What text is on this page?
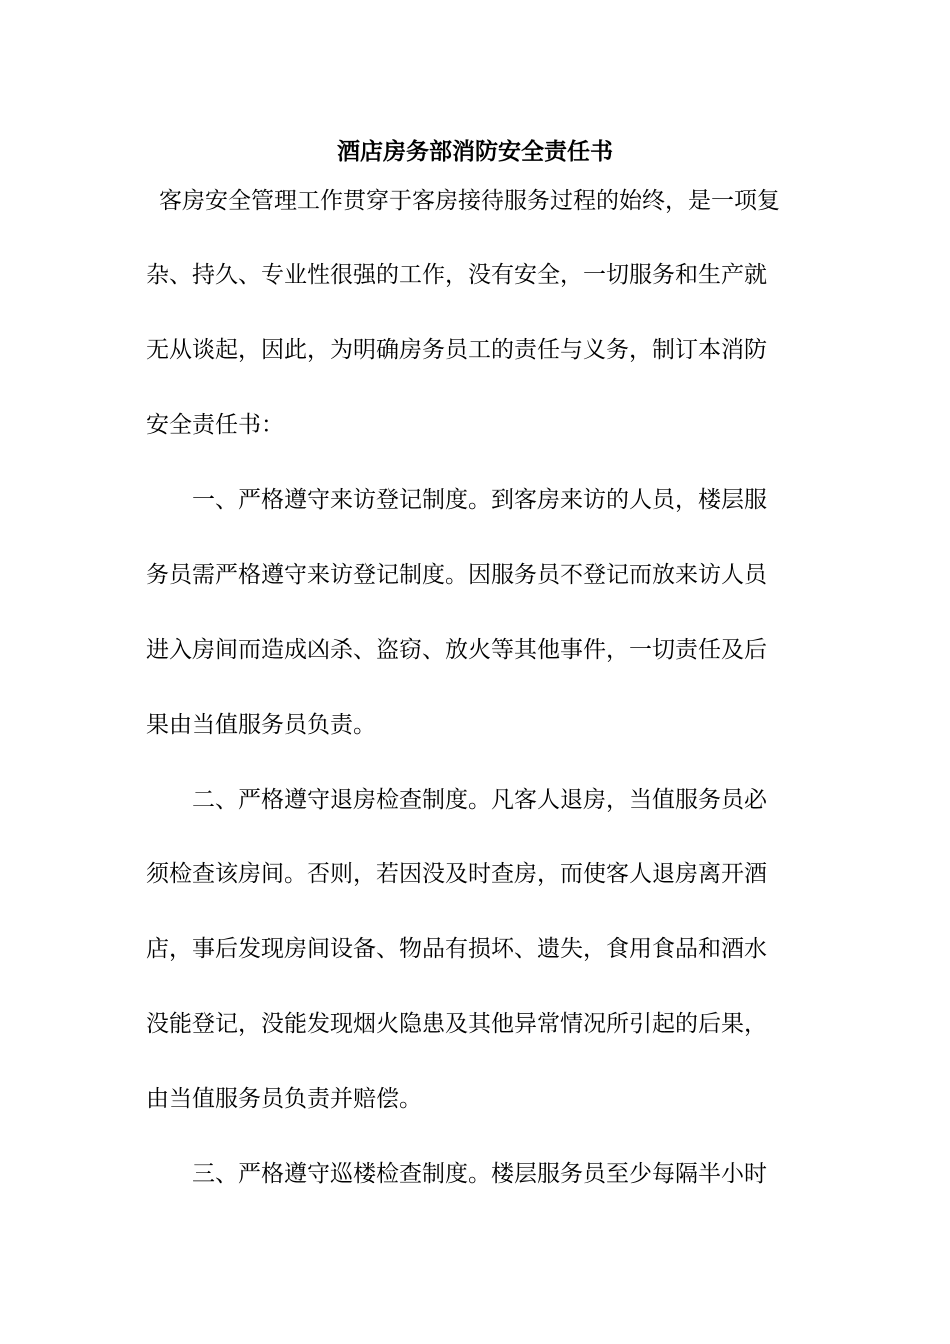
酒店房务部消防安全责任书
客房安全管理工作贯穿于客房接待服务过程的始终，是一项复
杂、持久、专业性很强的工作，没有安全，一切服务和生产就
无从谈起，因此，为明确房务员工的责任与义务，制订本消防
安全责任书：
一、严格遵守来访登记制度。到客房来访的人员，楼层服
务员需严格遵守来访登记制度。因服务员不登记而放来访人员
进入房间而造成凶杀、盗窃、放火等其他事件，一切责任及后
果由当值服务员负责。
二、严格遵守退房检查制度。凡客人退房，当值服务员必
须检查该房间。否则，若因没及时查房，而使客人退房离开酒
店，事后发现房间设备、物品有损坏、遗失，食用食品和酒水
没能登记，没能发现烟火隐患及其他异常情况所引起的后果，
由当值服务员负责并赔偿。
三、严格遵守巡楼检查制度。楼层服务员至少每隔半小时
